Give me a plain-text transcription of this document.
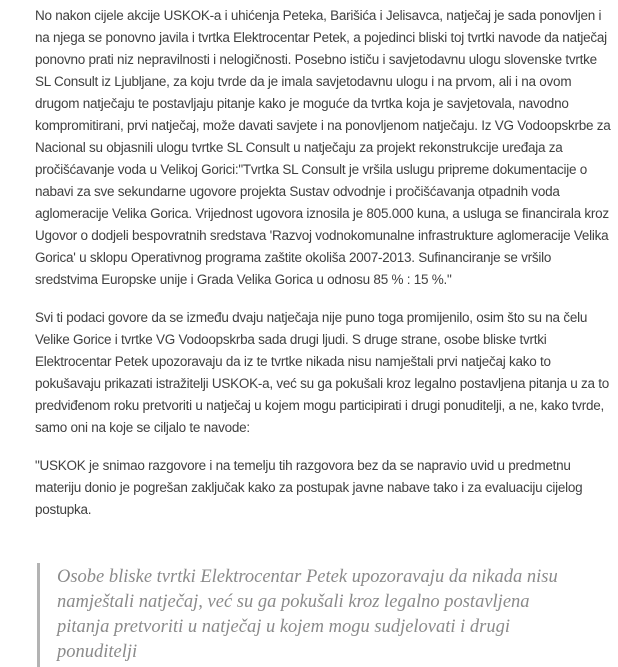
No nakon cijele akcije USKOK-a i uhićenja Peteka, Barišića i Jelisavca, natječaj je sada ponovljen i na njega se ponovno javila i tvrtka Elektrocentar Petek, a pojedinci bliski toj tvrtki navode da natječaj ponovno prati niz nepravilnosti i nelogičnosti. Posebno ističu i savjetodavnu ulogu slovenske tvrtke SL Consult iz Ljubljane, za koju tvrde da je imala savjetodavnu ulogu i na prvom, ali i na ovom drugom natječaju te postavljaju pitanje kako je moguće da tvrtka koja je savjetovala, navodno kompromitirani, prvi natječaj, može davati savjete i na ponovljenom natječaju. Iz VG Vodoopskrbe za Nacional su objasnili ulogu tvrtke SL Consult u natječaju za projekt rekonstrukcije uređaja za pročišćavanje voda u Velikoj Gorici:"Tvrtka SL Consult je vršila uslugu pripreme dokumentacije o nabavi za sve sekundarne ugovore projekta Sustav odvodnje i pročišćavanja otpadnih voda aglomeracije Velika Gorica. Vrijednost ugovora iznosila je 805.000 kuna, a usluga se financirala kroz Ugovor o dodjeli bespovratnih sredstava 'Razvoj vodnokomunalne infrastrukture aglomeracije Velika Gorica' u sklopu Operativnog programa zaštite okoliša 2007-2013. Sufinanciranje se vršilo sredstvima Europske unije i Grada Velika Gorica u odnosu 85 % : 15 %."

Svi ti podaci govore da se između dvaju natječaja nije puno toga promijenilo, osim što su na čelu Velike Gorice i tvrtke VG Vodoopskrba sada drugi ljudi. S druge strane, osobe bliske tvrtki Elektrocentar Petek upozoravaju da iz te tvrtke nikada nisu namještali prvi natječaj kako to pokušavaju prikazati istražitelji USKOK-a, već su ga pokušali kroz legalno postavljena pitanja u za to predviđenom roku pretvoriti u natječaj u kojem mogu participirati i drugi ponuditelji, a ne, kako tvrde, samo oni na koje se ciljalo te navode:

"USKOK je snimao razgovore i na temelju tih razgovora bez da se napravio uvid u predmetnu materiju donio je pogrešan zaključak kako za postupak javne nabave tako i za evaluaciju cijelog postupka.

Osobe bliske tvrtki Elektrocentar Petek upozoravaju da nikada nisu namještali natječaj, već su ga pokušali kroz legalno postavljena pitanja pretvoriti u natječaj u kojem mogu sudjelovati i drugi ponuditelji
